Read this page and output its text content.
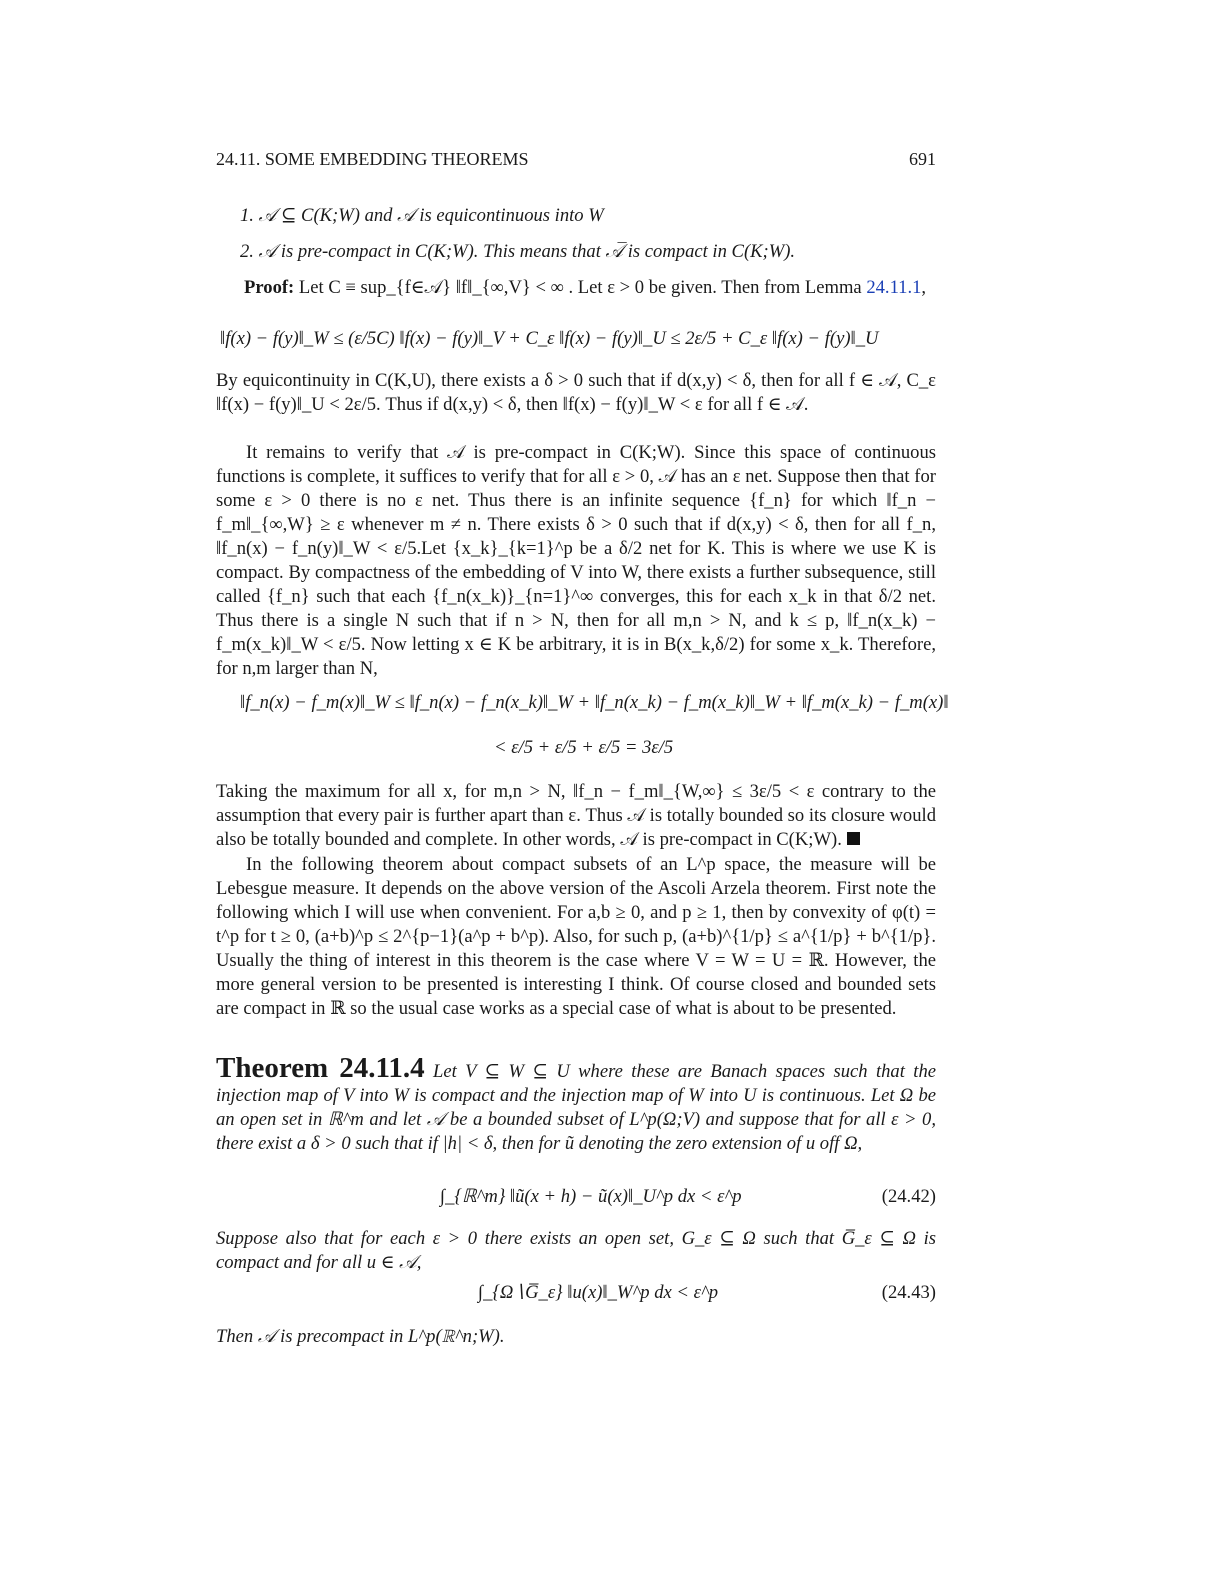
24.11. SOME EMBEDDING THEOREMS	691
1. 𝒜 ⊆ C(K;W) and 𝒜 is equicontinuous into W
2. 𝒜 is pre-compact in C(K;W). This means that 𝒜̅ is compact in C(K;W).
Proof: Let C ≡ sup_{f∈𝒜} ‖f‖_{∞,V} < ∞ . Let ε > 0 be given. Then from Lemma 24.11.1,
‖f(x) − f(y)‖_W ≤ (ε/5C) ‖f(x) − f(y)‖_V + C_ε ‖f(x) − f(y)‖_U ≤ 2ε/5 + C_ε ‖f(x) − f(y)‖_U
By equicontinuity in C(K,U), there exists a δ > 0 such that if d(x,y) < δ, then for all f ∈ 𝒜, C_ε ‖f(x) − f(y)‖_U < 2ε/5. Thus if d(x,y) < δ, then ‖f(x) − f(y)‖_W < ε for all f ∈ 𝒜.
It remains to verify that 𝒜 is pre-compact in C(K;W). Since this space of continuous functions is complete, it suffices to verify that for all ε > 0, 𝒜 has an ε net. Suppose then that for some ε > 0 there is no ε net. Thus there is an infinite sequence {f_n} for which ‖f_n − f_m‖_{∞,W} ≥ ε whenever m ≠ n. There exists δ > 0 such that if d(x,y) < δ, then for all f_n, ‖f_n(x) − f_n(y)‖_W < ε/5.Let {x_k}_{k=1}^p be a δ/2 net for K. This is where we use K is compact. By compactness of the embedding of V into W, there exists a further subsequence, still called {f_n} such that each {f_n(x_k)}_{n=1}^∞ converges, this for each x_k in that δ/2 net. Thus there is a single N such that if n > N, then for all m,n > N, and k ≤ p, ‖f_n(x_k) − f_m(x_k)‖_W < ε/5. Now letting x ∈ K be arbitrary, it is in B(x_k,δ/2) for some x_k. Therefore, for n,m larger than N,
‖f_n(x) − f_m(x)‖_W ≤ ‖f_n(x) − f_n(x_k)‖_W + ‖f_n(x_k) − f_m(x_k)‖_W + ‖f_m(x_k) − f_m(x)‖
< ε/5 + ε/5 + ε/5 = 3ε/5
Taking the maximum for all x, for m,n > N, ‖f_n − f_m‖_{W,∞} ≤ 3ε/5 < ε contrary to the assumption that every pair is further apart than ε. Thus 𝒜 is totally bounded so its closure would also be totally bounded and complete. In other words, 𝒜 is pre-compact in C(K;W).
In the following theorem about compact subsets of an L^p space, the measure will be Lebesgue measure. It depends on the above version of the Ascoli Arzela theorem. First note the following which I will use when convenient. For a,b ≥ 0, and p ≥ 1, then by convexity of φ(t) = t^p for t ≥ 0, (a+b)^p ≤ 2^{p−1}(a^p + b^p). Also, for such p, (a+b)^{1/p} ≤ a^{1/p} + b^{1/p}. Usually the thing of interest in this theorem is the case where V = W = U = ℝ. However, the more general version to be presented is interesting I think. Of course closed and bounded sets are compact in ℝ so the usual case works as a special case of what is about to be presented.
Theorem 24.11.4 Let V ⊆ W ⊆ U where these are Banach spaces such that the injection map of V into W is compact and the injection map of W into U is continuous. Let Ω be an open set in ℝ^m and let 𝒜 be a bounded subset of L^p(Ω;V) and suppose that for all ε > 0, there exist a δ > 0 such that if |h| < δ, then for ũ denoting the zero extension of u off Ω,
∫_{ℝ^m} ‖ũ(x + h) − ũ(x)‖_U^p dx < ε^p	(24.42)
Suppose also that for each ε > 0 there exists an open set, G_ε ⊆ Ω such that G̅_ε ⊆ Ω is compact and for all u ∈ 𝒜,
∫_{Ω∖G̅_ε} ‖u(x)‖_W^p dx < ε^p	(24.43)
Then 𝒜 is precompact in L^p(ℝ^n;W).
